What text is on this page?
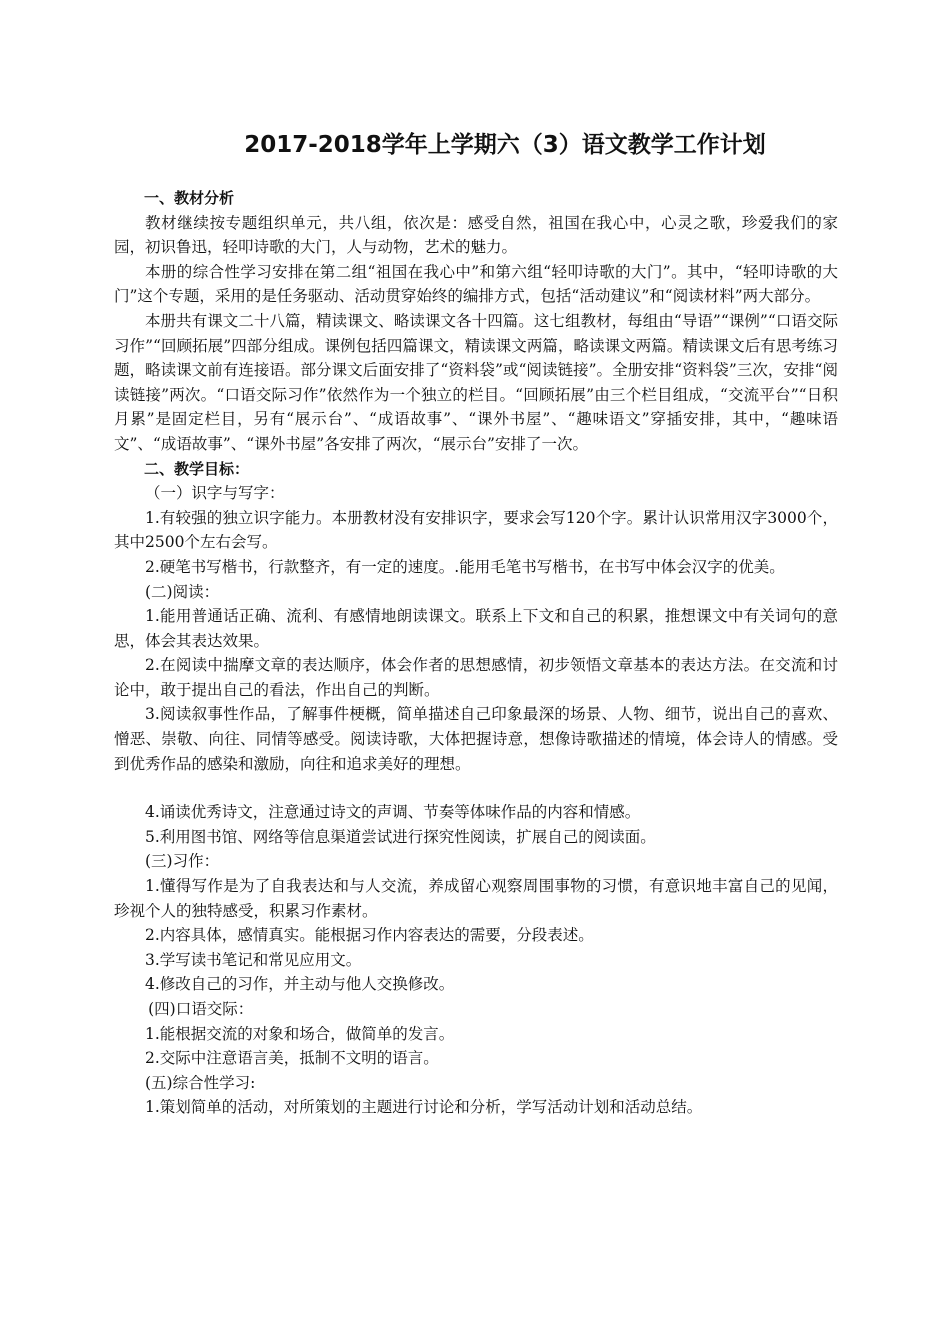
2017-2018学年上学期六（3）语文教学工作计划

一、教材分析

教材继续按专题组织单元，共八组，依次是：感受自然，祖国在我心中，心灵之歌，珍爱我们的家园，初识鲁迅，轻叩诗歌的大门，人与动物，艺术的魅力。

本册的综合性学习安排在第二组“祖国在我心中”和第六组“轻叩诗歌的大门”。其中，“轻叩诗歌的大门”这个专题，采用的是任务驱动、活动贯穿始终的编排方式，包括“活动建议”和“阅读材料”两大部分。

本册共有课文二十八篇，精读课文、略读课文各十四篇。这七组教材，每组由“导语”“课例”“口语交际习作”“回顾拓展”四部分组成。课例包括四篇课文，精读课文两篇，略读课文两篇。精读课文后有思考练习题，略读课文前有连接语。部分课文后面安排了“资料袋”或“阅读链接”。全册安排“资料袋”三次，安排“阅读链接”两次。“口语交际习作”依然作为一个独立的栏目。“回顾拓展”由三个栏目组成，“交流平台”“日积月累”是固定栏目，另有“展示台”、“成语故事”、“课外书屋”、“趣味语文”穿插安排，其中，“趣味语文”、“成语故事”、“课外书屋”各安排了两次，“展示台”安排了一次。

二、教学目标：

（一）识字与写字：

1.有较强的独立识字能力。本册教材没有安排识字，要求会写120个字。累计认识常用汉字3000个，其中2500个左右会写。

2.硬笔书写楷书，行款整齐，有一定的速度。.能用毛笔书写楷书，在书写中体会汉字的优美。

(二)阅读：

1.能用普通话正确、流利、有感情地朗读课文。联系上下文和自己的积累，推想课文中有关词句的意思，体会其表达效果。

2.在阅读中揣摩文章的表达顺序，体会作者的思想感情，初步领悟文章基本的表达方法。在交流和讨论中，敢于提出自己的看法，作出自己的判断。

3.阅读叙事性作品，了解事件梗概，简单描述自己印象最深的场景、人物、细节，说出自己的喜欢、憎恶、崇敬、向往、同情等感受。阅读诗歌，大体把握诗意，想像诗歌描述的情境，体会诗人的情感。受到优秀作品的感染和激励，向往和追求美好的理想。

4.诵读优秀诗文，注意通过诗文的声调、节奏等体味作品的内容和情感。

5.利用图书馆、网络等信息渠道尝试进行探究性阅读，扩展自己的阅读面。

(三)习作：

1.懂得写作是为了自我表达和与人交流，养成留心观察周围事物的习惯，有意识地丰富自己的见闻，珍视个人的独特感受，积累习作素材。

2.内容具体，感情真实。能根据习作内容表达的需要，分段表述。

3.学写读书笔记和常见应用文。

4.修改自己的习作，并主动与他人交换修改。

(四)口语交际：

1.能根据交流的对象和场合，做简单的发言。

2.交际中注意语言美，抵制不文明的语言。

(五)综合性学习:

1.策划简单的活动，对所策划的主题进行讨论和分析，学写活动计划和活动总结。
